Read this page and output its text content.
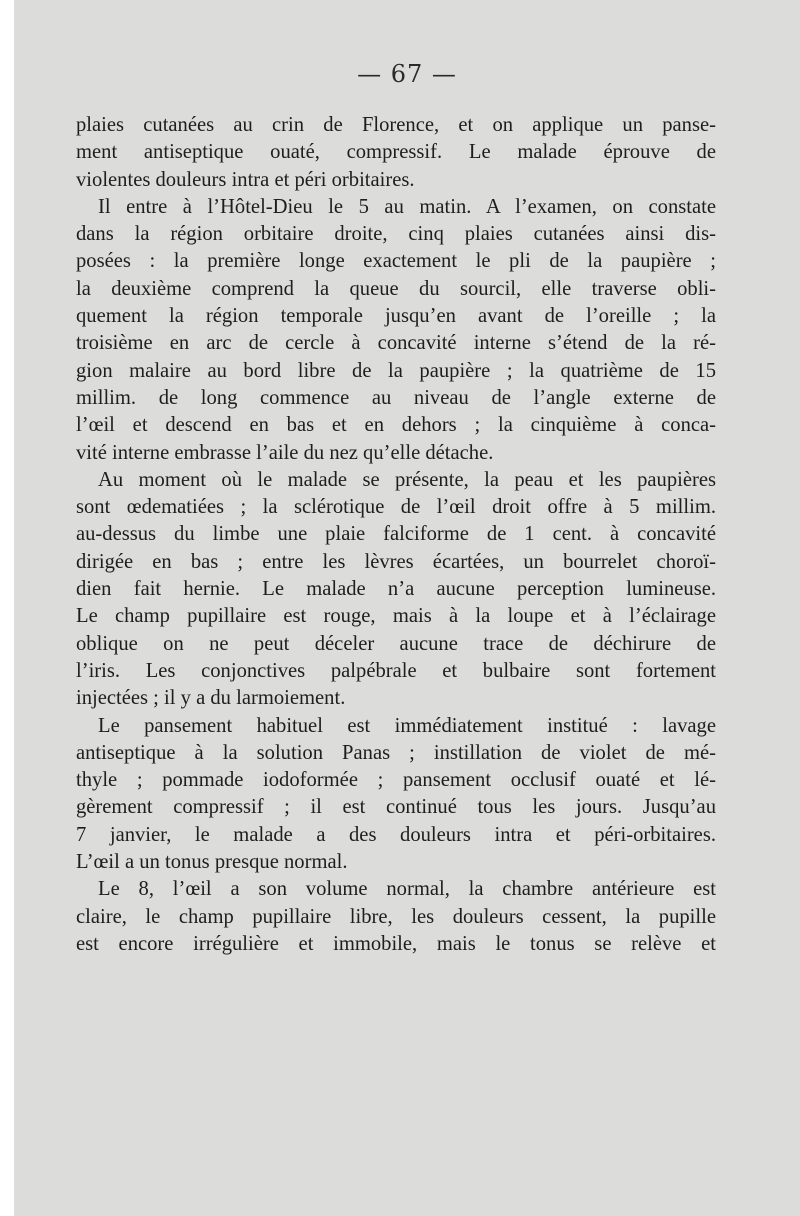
— 67 —
plaies cutanées au crin de Florence, et on applique un panse-
ment antiseptique ouaté, compressif. Le malade éprouve de
violentes douleurs intra et péri orbitaires.
Il entre à l’Hôtel-Dieu le 5 au matin. A l’examen, on constate
dans la région orbitaire droite, cinq plaies cutanées ainsi dis-
posées : la première longe exactement le pli de la paupière ;
la deuxième comprend la queue du sourcil, elle traverse obli-
quement la région temporale jusqu’en avant de l’oreille ; la
troisième en arc de cercle à concavité interne s’étend de la ré-
gion malaire au bord libre de la paupière ; la quatrième de 15
millim. de long commence au niveau de l’angle externe de
l’œil et descend en bas et en dehors ; la cinquième à conca-
vité interne embrasse l’aile du nez qu’elle détache.
Au moment où le malade se présente, la peau et les paupières
sont œdematiées ; la sclérotique de l’œil droit offre à 5 millim.
au-dessus du limbe une plaie falciforme de 1 cent. à concavité
dirigée en bas ; entre les lèvres écartées, un bourrelet choroï-
dien fait hernie. Le malade n’a aucune perception lumineuse.
Le champ pupillaire est rouge, mais à la loupe et à l’éclairage
oblique on ne peut déceler aucune trace de déchirure de
l’iris. Les conjonctives palpébrale et bulbaire sont fortement
injectées ; il y a du larmoiement.
Le pansement habituel est immédiatement institué : lavage
antiseptique à la solution Panas ; instillation de violet de mé-
thyle ; pommade iodoformée ; pansement occlusif ouaté et lé-
gèrement compressif ; il est continué tous les jours. Jusqu’au
7 janvier, le malade a des douleurs intra et péri-orbitaires.
L’œil a un tonus presque normal.
Le 8, l’œil a son volume normal, la chambre antérieure est
claire, le champ pupillaire libre, les douleurs cessent, la pupille
est encore irrégulière et immobile, mais le tonus se relève et
